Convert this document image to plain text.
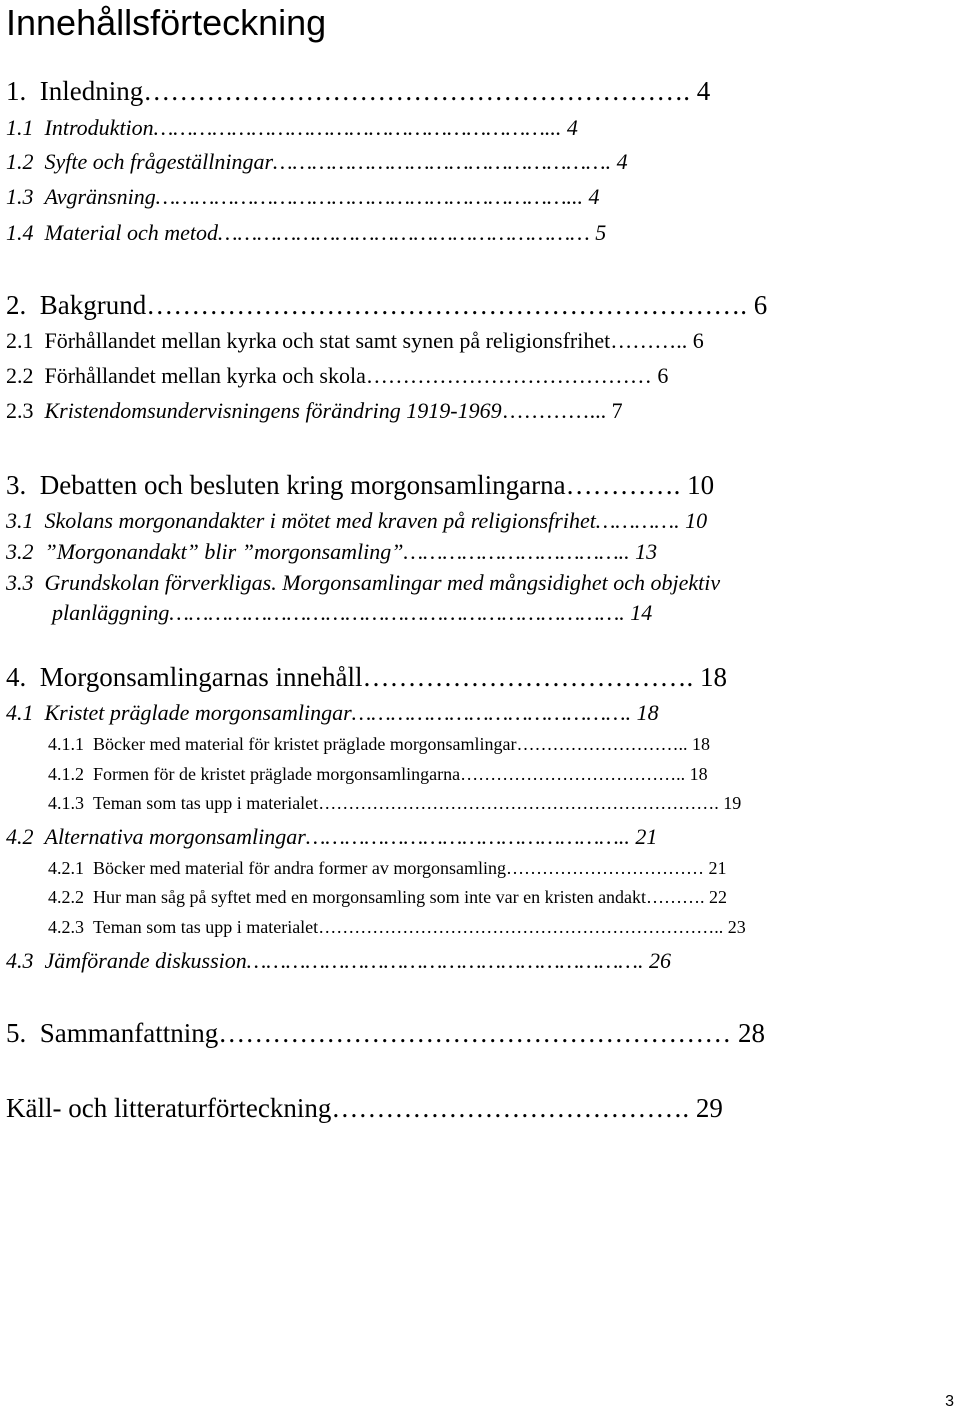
Innehållsförteckning
1. Inledning……………………………………………………. 4
1.1 Introduktion……………………………………………………... 4
1.2 Syfte och frågeställningar……………………………………………. 4
1.3 Avgränsning………………………………………………………... 4
1.4 Material och metod………………………………………………… 5
2. Bakgrund…………………………………………………………. 6
2.1 Förhållandet mellan kyrka och stat samt synen på religionsfrihet……….. 6
2.2 Förhållandet mellan kyrka och skola………………………………… 6
2.3 Kristendomsundervisningens förändring 1919-1969…………... 7
3. Debatten och besluten kring morgonsamlingarna…………. 10
3.1 Skolans morgonandakter i mötet med kraven på religionsfrihet…………. 10
3.2 ”Morgonandakt” blir ”morgonsamling”…………………………….. 13
3.3 Grundskolan förverkligas. Morgonsamlingar med mångsidighet och objektiv
planläggning……………………………………………………………. 14
4. Morgonsamlingarnas innehåll………………………………. 18
4.1 Kristet präglade morgonsamlingar……………………………………. 18
4.1.1 Böcker med material för kristet präglade morgonsamlingar……………………….. 18
4.1.2 Formen för de kristet präglade morgonsamlingarna……………………………….. 18
4.1.3 Teman som tas upp i materialet…………………………………………………………. 19
4.2 Alternativa morgonsamlingar………………………………………….. 21
4.2.1 Böcker med material för andra former av morgonsamling…………………………… 21
4.2.2 Hur man såg på syftet med en morgonsamling som inte var en kristen andakt………. 22
4.2.3 Teman som tas upp i materialet………………………………………………………….. 23
4.3 Jämförande diskussion……………………………………………………. 26
5. Sammanfattning………………………………………………… 28
Käll- och litteraturförteckning…………………………………. 29
3
